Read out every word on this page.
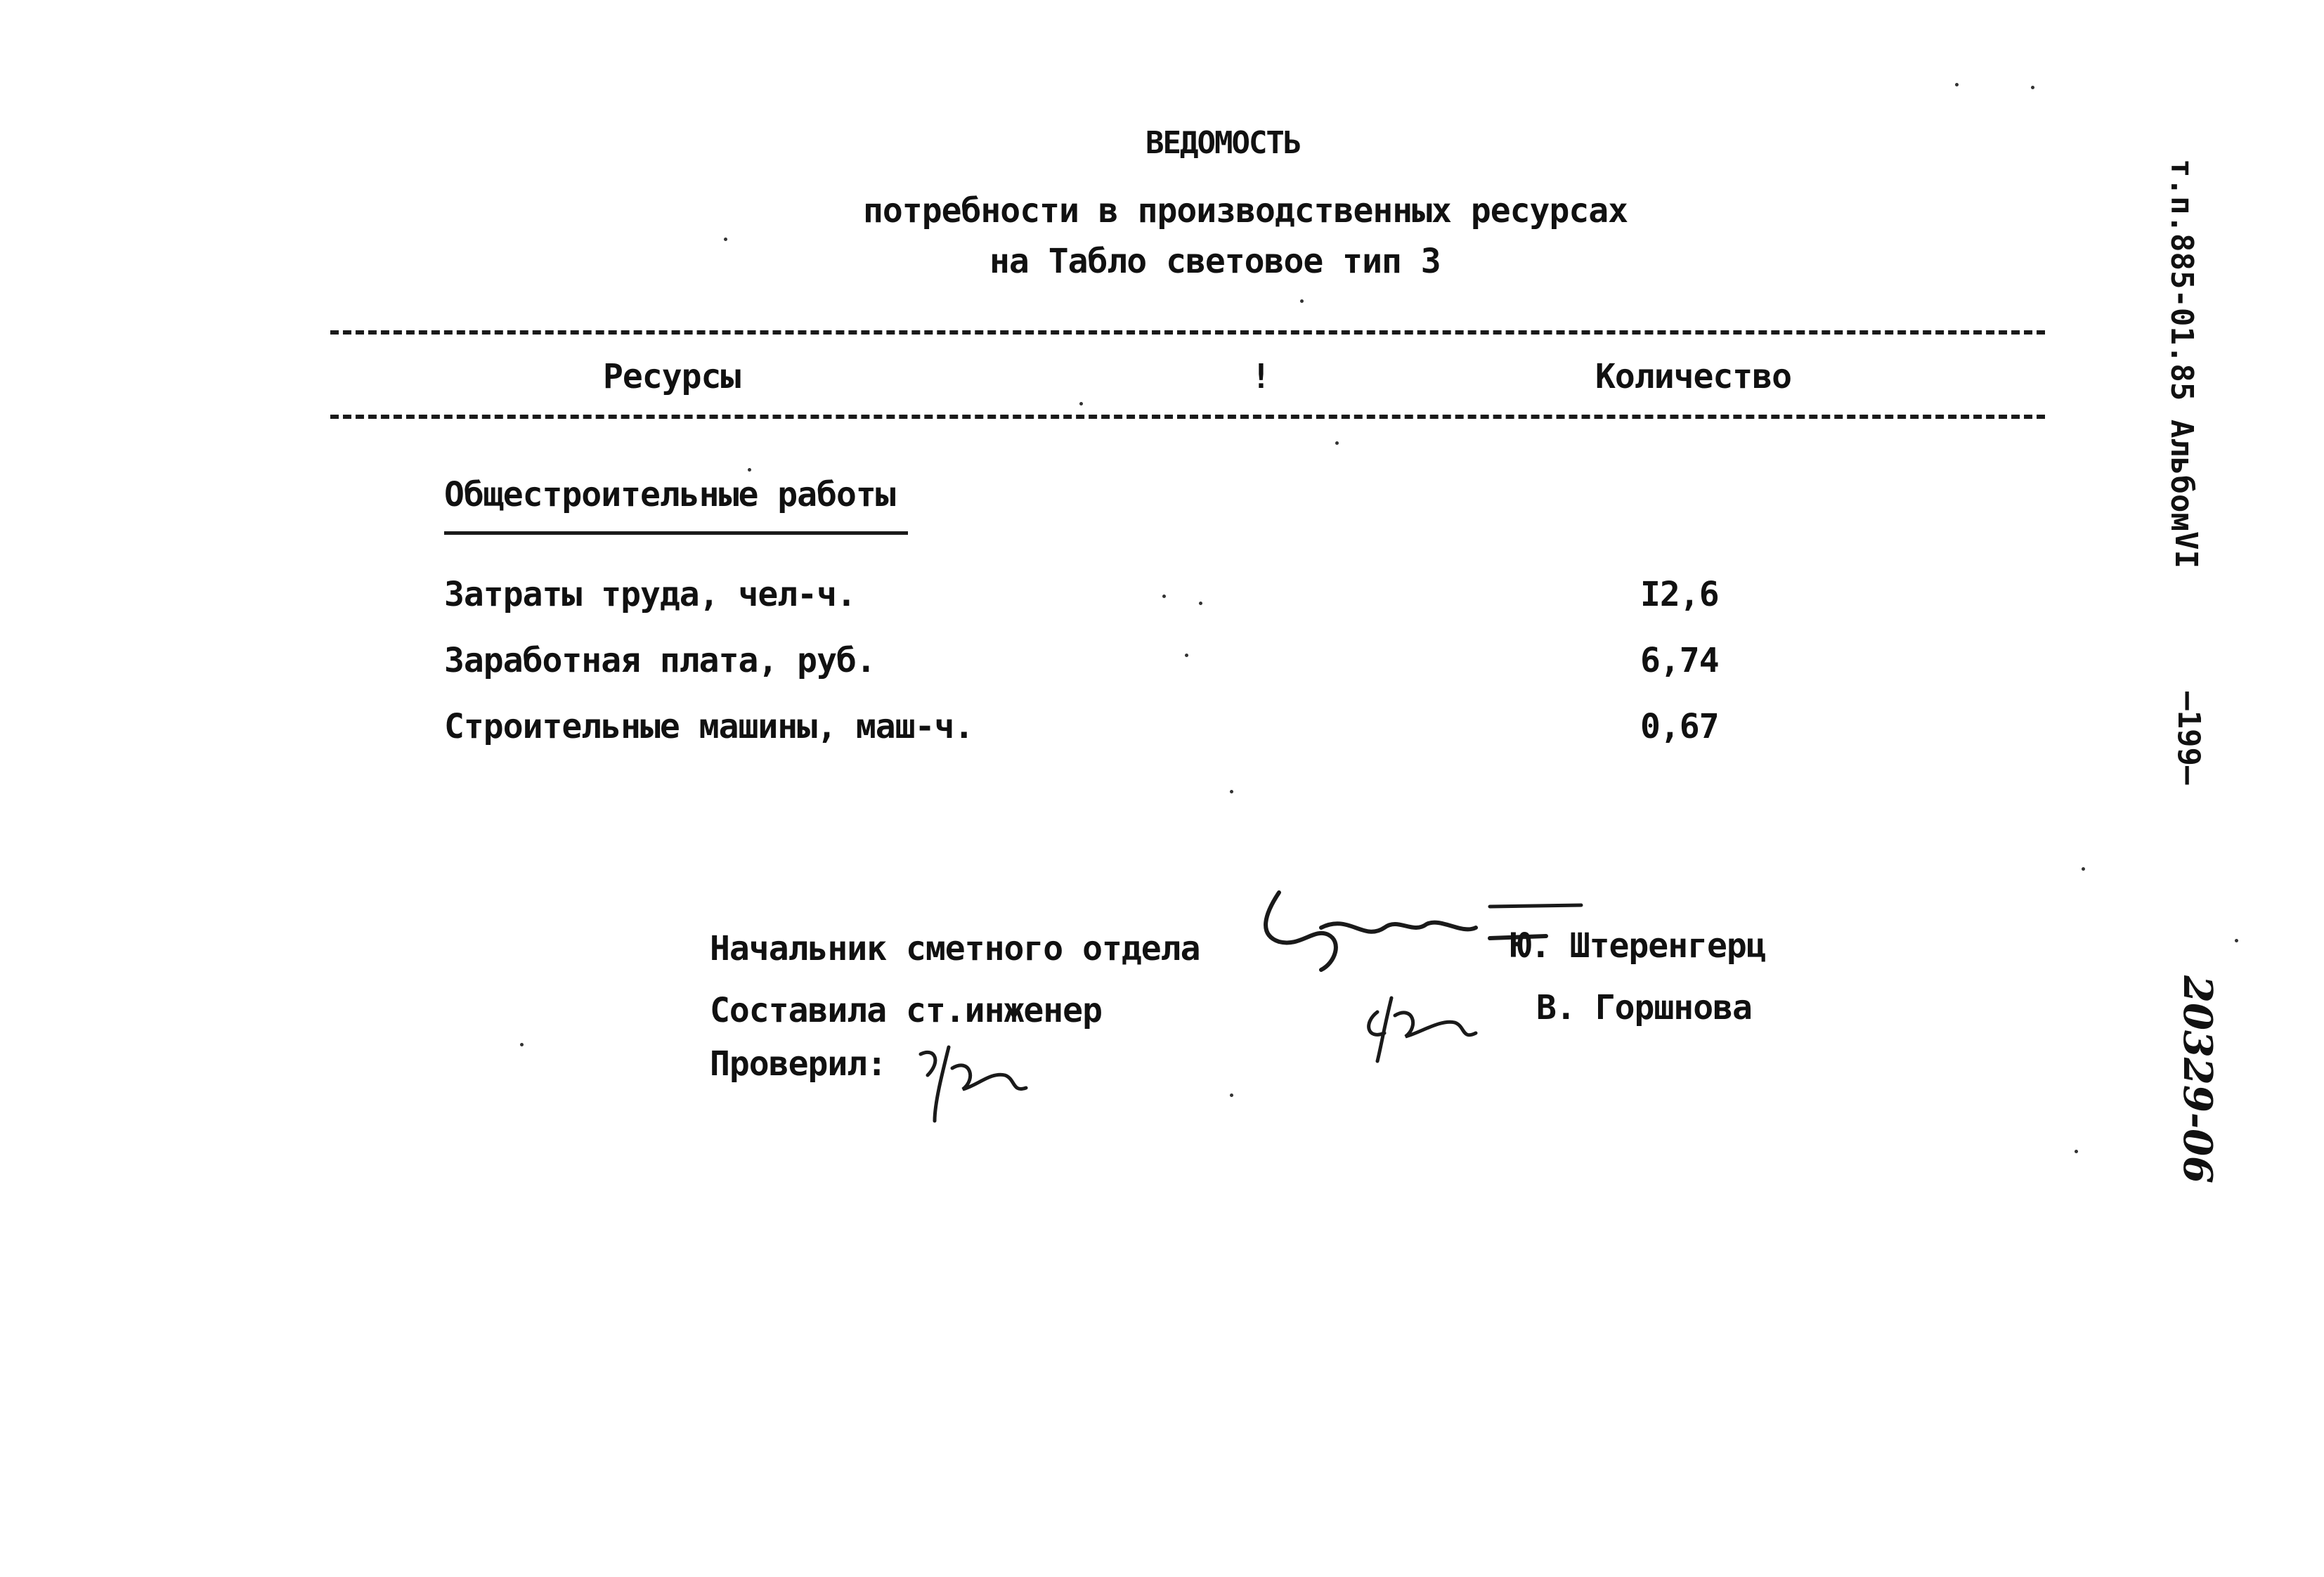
ВЕДОМОСТЬ
потребности в производственных ресурсах
на Табло световое тип 3
Ресурсы	!	Количество
Общестроительные работы
Затраты труда, чел-ч.	I2,6
Заработная плата, руб.	6,74
Строительные машины, маш-ч.	0,67
Начальник сметного отдела	Ю. Штеренгерц
Составила ст.инженер	В. Горшнова
Проверил:
т.п.885-01.85 Альбом
VI
—199—
20329-06
